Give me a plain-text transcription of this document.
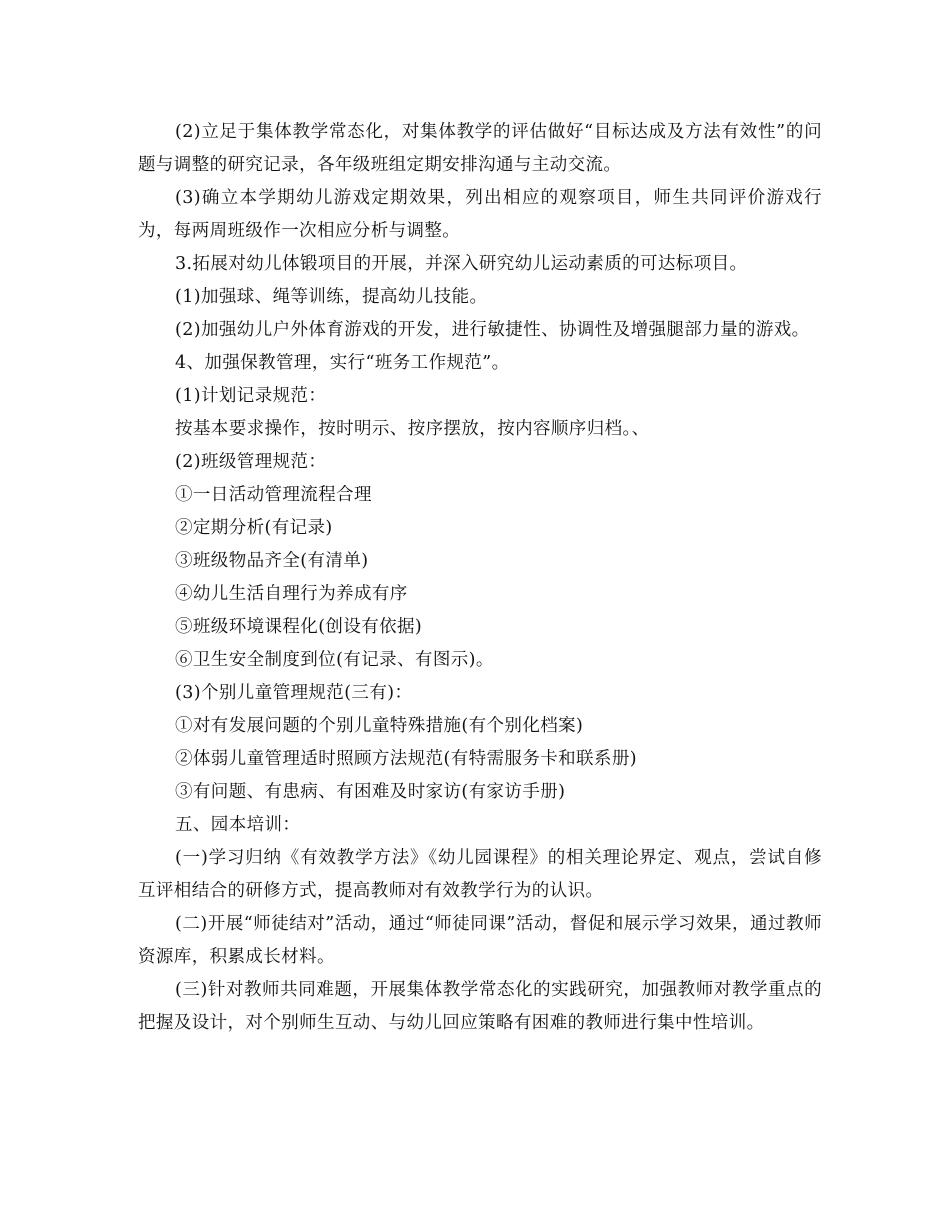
(2)立足于集体教学常态化，对集体教学的评估做好“目标达成及方法有效性”的问题与调整的研究记录，各年级班组定期安排沟通与主动交流。

(3)确立本学期幼儿游戏定期效果，列出相应的观察项目，师生共同评价游戏行为，每两周班级作一次相应分析与调整。

3.拓展对幼儿体锻项目的开展，并深入研究幼儿运动素质的可达标项目。

(1)加强球、绳等训练，提高幼儿技能。

(2)加强幼儿户外体育游戏的开发，进行敏捷性、协调性及增强腿部力量的游戏。

4、加强保教管理，实行“班务工作规范”。

(1)计划记录规范：

按基本要求操作，按时明示、按序摆放，按内容顺序归档。、

(2)班级管理规范：

①一日活动管理流程合理

②定期分析(有记录)

③班级物品齐全(有清单)

④幼儿生活自理行为养成有序

⑤班级环境课程化(创设有依据)

⑥卫生安全制度到位(有记录、有图示)。

(3)个别儿童管理规范(三有)：

①对有发展问题的个别儿童特殊措施(有个别化档案)

②体弱儿童管理适时照顾方法规范(有特需服务卡和联系册)

③有问题、有患病、有困难及时家访(有家访手册)

五、园本培训：

(一)学习归纳《有效教学方法》《幼儿园课程》的相关理论界定、观点，尝试自修互评相结合的研修方式，提高教师对有效教学行为的认识。

(二)开展“师徒结对”活动，通过“师徒同课”活动，督促和展示学习效果，通过教师资源库，积累成长材料。

(三)针对教师共同难题，开展集体教学常态化的实践研究，加强教师对教学重点的把握及设计，对个别师生互动、与幼儿回应策略有困难的教师进行集中性培训。
